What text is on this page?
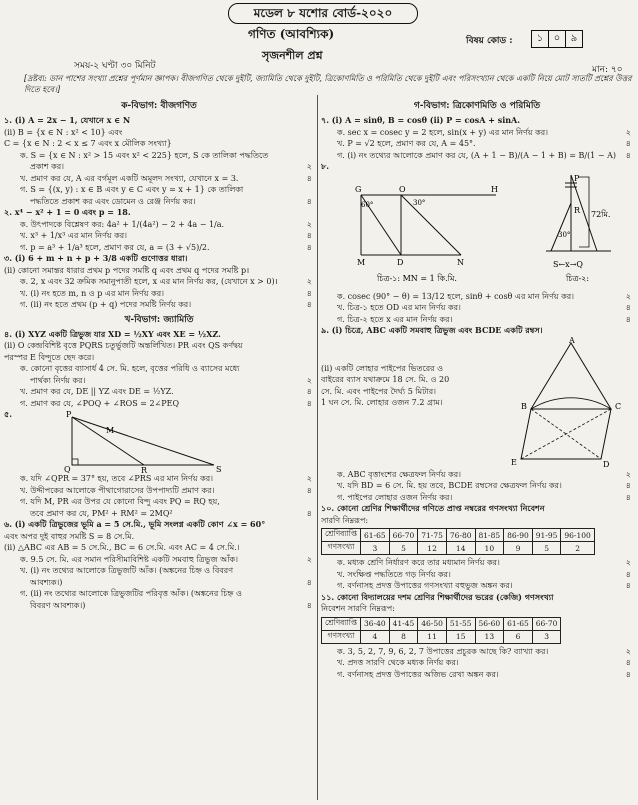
মডেল ৮ যশোর বোর্ড-২০২০
গণিত (আবশ্যিক)	বিষয় কোড :	১	০	৯
সৃজনশীল প্রশ্ন
সময়-২ ঘণ্টা ৩০ মিনিট	মান: ৭০
[দ্রষ্টব্য: ডান পাশের সংখ্যা প্রশ্নের পূর্ণমান জ্ঞাপক। বীজগণিত থেকে দুইটি, জ্যামিতি থেকে দুইটি, ত্রিকোণমিতি ও পরিমিতি থেকে দুইটি এবং পরিসংখ্যান থেকে একটি নিয়ে মোট সাতটি প্রশ্নের উত্তর দিতে হবে।]
ক-বিভাগ: বীজগণিত
১. (i) A = 2x − 1, যেখানে x ∈ N
(ii) B = {x ∈ N : x² < 10} এবং
C = {x ∈ N : 2 < x ≤ 7 এবং x মৌলিক সংখ্যা}
ক. S = {x ∈ N : x² > 15 এবং x² < 225} হলে, S কে তালিকা পদ্ধতিতে
প্রকাশ কর।	২
খ. প্রমাণ কর যে, A এর বর্গমূল একটি অমূলদ সংখ্যা, যেখানে x = 3.	৪
গ. S = {(x, y) : x ∈ B এবং y ∈ C এবং y = x + 1} কে তালিকা
পদ্ধতিতে প্রকাশ কর এবং ডোমেন ও রেঞ্জ নির্ণয় কর।	৪
২. x⁴ − x² + 1 = 0 এবং p = 18.
ক. উৎপাদকে বিশ্লেষণ কর: 4a² + 1/(4a²) − 2 + 4a − 1/a.	২
খ. x³ + 1/x³ এর মান নির্ণয় কর।	৪
গ. p = a³ + 1/a³ হলে, প্রমাণ কর যে, a = (3 + √5)/2.	৪
৩. (i) 6 + m + n + p + 3/8 একটি গুণোত্তর ধারা।
(ii) কোনো সমান্তর ধারার প্রথম p পদের সমষ্টি q এবং প্রথম q পদের সমষ্টি p।
ক. 2, x এবং 32 ক্রমিক সমানুপাতী হলে, x এর মান নির্ণয় কর, (যেখানে x > 0)।	২
খ. (i) নং হতে m, n ও p এর মান নির্ণয় কর।	৪
গ. (ii) নং হতে প্রথম (p + q) পদের সমষ্টি নির্ণয় কর।	৪
খ-বিভাগ: জ্যামিতি
৪. (i) XYZ একটি ত্রিভুজ যার XD = ½XY এবং XE = ½XZ.
(ii) O কেন্দ্রবিশিষ্ট বৃত্তে PQRS চতুর্ভুজটি অন্তর্লিখিত। PR এবং QS কর্ণদ্বয়
পরস্পর E বিন্দুতে ছেদ করে।
ক. কোনো বৃত্তের ব্যাসার্ধ 4 সে. মি. হলে, বৃত্তের পরিধি ও ব্যাসের মধ্যে
পার্থক্য নির্ণয় কর।	২
খ. প্রমাণ কর যে, DE || YZ এবং DE = ½YZ.	৪
গ. প্রমাণ কর যে, ∠POQ + ∠ROS = 2∠PEQ	৪
৫.	P
Q	R	S
M
ক. যদি ∠QPR = 37° হয়, তবে ∠PRS এর মান নির্ণয় কর।	২
খ. উদ্দীপকের আলোকে পীথাগোরাসের উপপাদ্যটি প্রমাণ কর।	৪
গ. যদি M, PR এর উপর যে কোনো বিন্দু এবং PQ = RQ হয়,
তবে প্রমাণ কর যে, PM² + RM² = 2MQ²	৪
৬. (i) একটি ত্রিভুজের ভূমি a = 5 সে.মি., ভূমি সংলগ্ন একটি কোণ ∠x = 60°
এবং অপর দুই বাহুর সমষ্টি S = 8 সে.মি.
(ii) △ABC এর AB = 5 সে.মি., BC = 6 সে.মি. এবং AC = 4 সে.মি.।
ক. 9.5 সে. মি. এর সমান পরিসীমাবিশিষ্ট একটি সমবাহু ত্রিভুজ আঁক।	২
খ. (i) নং তথ্যের আলোকে ত্রিভুজটি আঁক। (অঙ্কনের চিহ্ন ও বিবরণ
আবশ্যক।)	৪
গ. (ii) নং তথ্যের আলোকে ত্রিভুজটির পরিবৃত্ত আঁক। (অঙ্কনের চিহ্ন ও
বিবরণ আবশ্যক।)	৪
গ-বিভাগ: ত্রিকোণমিতি ও পরিমিতি
৭. (i) A = sinθ, B = cosθ (ii) P = cosA + sinA.
ক. sec x = cosec y = 2 হলে, sin(x + y) এর মান নির্ণয় কর।	২
খ. P = √2 হলে, প্রমাণ কর যে, A = 45°.	৪
গ. (i) নং তথ্যের আলোকে প্রমাণ কর যে, (A + 1 − B)/(A − 1 + B) = B/(1 − A) ৪
৮.
G	O	H
60°	30°
M	D	N
চিত্র-১: MN = 1 কি.মি.
P
R
30°
72মি.
S←x→Q
চিত্র-২:
ক. cosec (90° − θ) = 13/12 হলে, sinθ + cosθ এর মান নির্ণয় কর।	২
খ. চিত্র-১ হতে OD এর মান নির্ণয় কর।	৪
গ. চিত্র-২ হতে x এর মান নির্ণয় কর।	৪
৯. (i) চিত্রে, ABC একটি সমবাহু ত্রিভুজ এবং BCDE একটি রম্বস।
(ii) একটি লোহার পাইপের ভিতরের ও
বাইরের ব্যাস যথাক্রমে 18 সে. মি. ও 20
সে. মি. এবং পাইপের দৈর্ঘ্য 5 মিটার।
1 ঘন সে. মি. লোহার ওজন 7.2 গ্রাম।
A
B	C
E	D
ক. ABC বৃত্তাংশের ক্ষেত্রফল নির্ণয় কর।	২
খ. যদি BD = 6 সে. মি. হয় তবে, BCDE রম্বসের ক্ষেত্রফল নির্ণয় কর।	৪
গ. পাইপের লোহার ওজন নির্ণয় কর।	৪
১০. কোনো শ্রেণির শিক্ষার্থীদের গণিতে প্রাপ্ত নম্বরের গণসংখ্যা নিবেশন
সারণি নিম্নরূপ:
শ্রেণিব্যাপ্তি	61-65	66-70	71-75	76-80	81-85	86-90	91-95	96-100
গণসংখ্যা	3	5	12	14	10	9	5	2
ক. মধ্যক শ্রেণি নির্ধারণ করে তার মধ্যমান নির্ণয় কর।	২
খ. সংক্ষিপ্ত পদ্ধতিতে গড় নির্ণয় কর।	৪
গ. বর্ণনাসহ প্রদত্ত উপাত্তের গণসংখ্যা বহুভুজ অঙ্কন কর।	৪
১১. কোনো বিদ্যালয়ের দশম শ্রেণির শিক্ষার্থীদের ভরের (কেজি) গণসংখ্যা
নিবেশন সারণি নিম্নরূপ:
শ্রেণিব্যাপ্তি	36-40	41-45	46-50	51-55	56-60	61-65	66-70
গণসংখ্যা	4	8	11	15	13	6	3
ক. 3, 5, 2, 7, 9, 6, 2, 7 উপাত্তের প্রচুরক আছে কি? ব্যাখ্যা কর।	২
খ. প্রদত্ত সারণি থেকে মধ্যক নির্ণয় কর।	৪
গ. বর্ণনাসহ প্রদত্ত উপাত্তের অজিভ রেখা অঙ্কন কর।	৪
